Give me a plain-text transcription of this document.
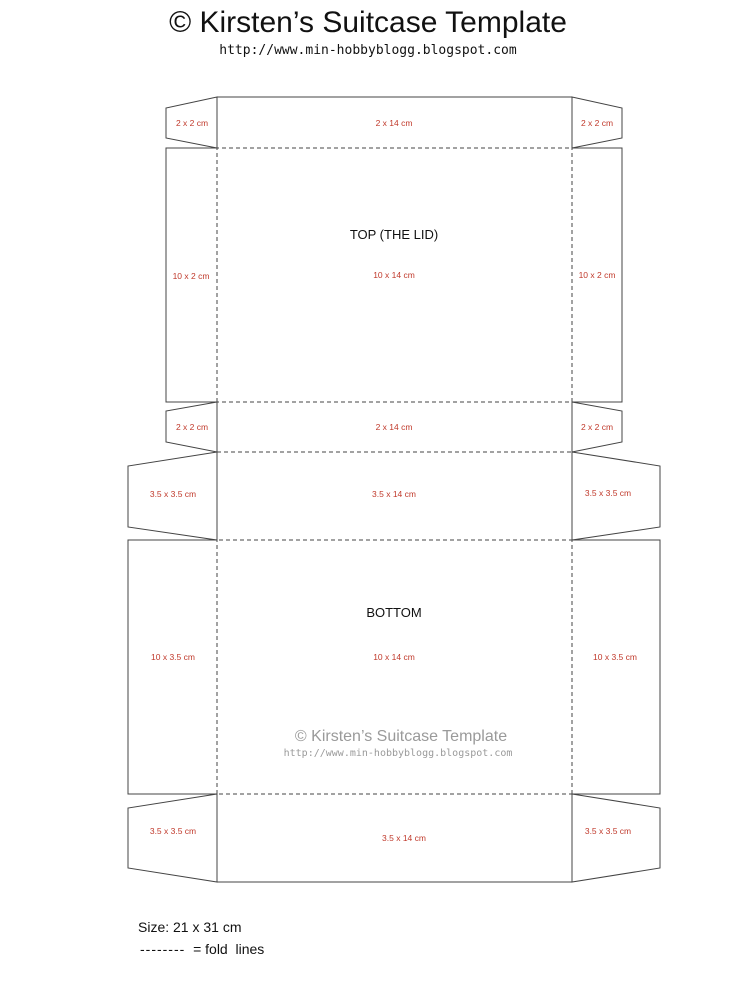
© Kirsten’s Suitcase Template
http://www.min-hobbyblogg.blogspot.com
2 x 2 cm	2 x 14 cm	2 x 2 cm
TOP (THE LID)
10 x 2 cm	10 x 14 cm	10 x 2 cm
2 x 2 cm	2 x 14 cm	2 x 2 cm
3.5 x 3.5 cm	3.5 x 14 cm	3.5 x 3.5 cm
BOTTOM
10 x 3.5 cm	10 x 14 cm	10 x 3.5 cm
© Kirsten’s Suitcase Template
http://www.min-hobbyblogg.blogspot.com
3.5 x 3.5 cm
3.5 x 14 cm
3.5 x 3.5 cm
Size: 21 x 31 cm
--------  = fold  lines
